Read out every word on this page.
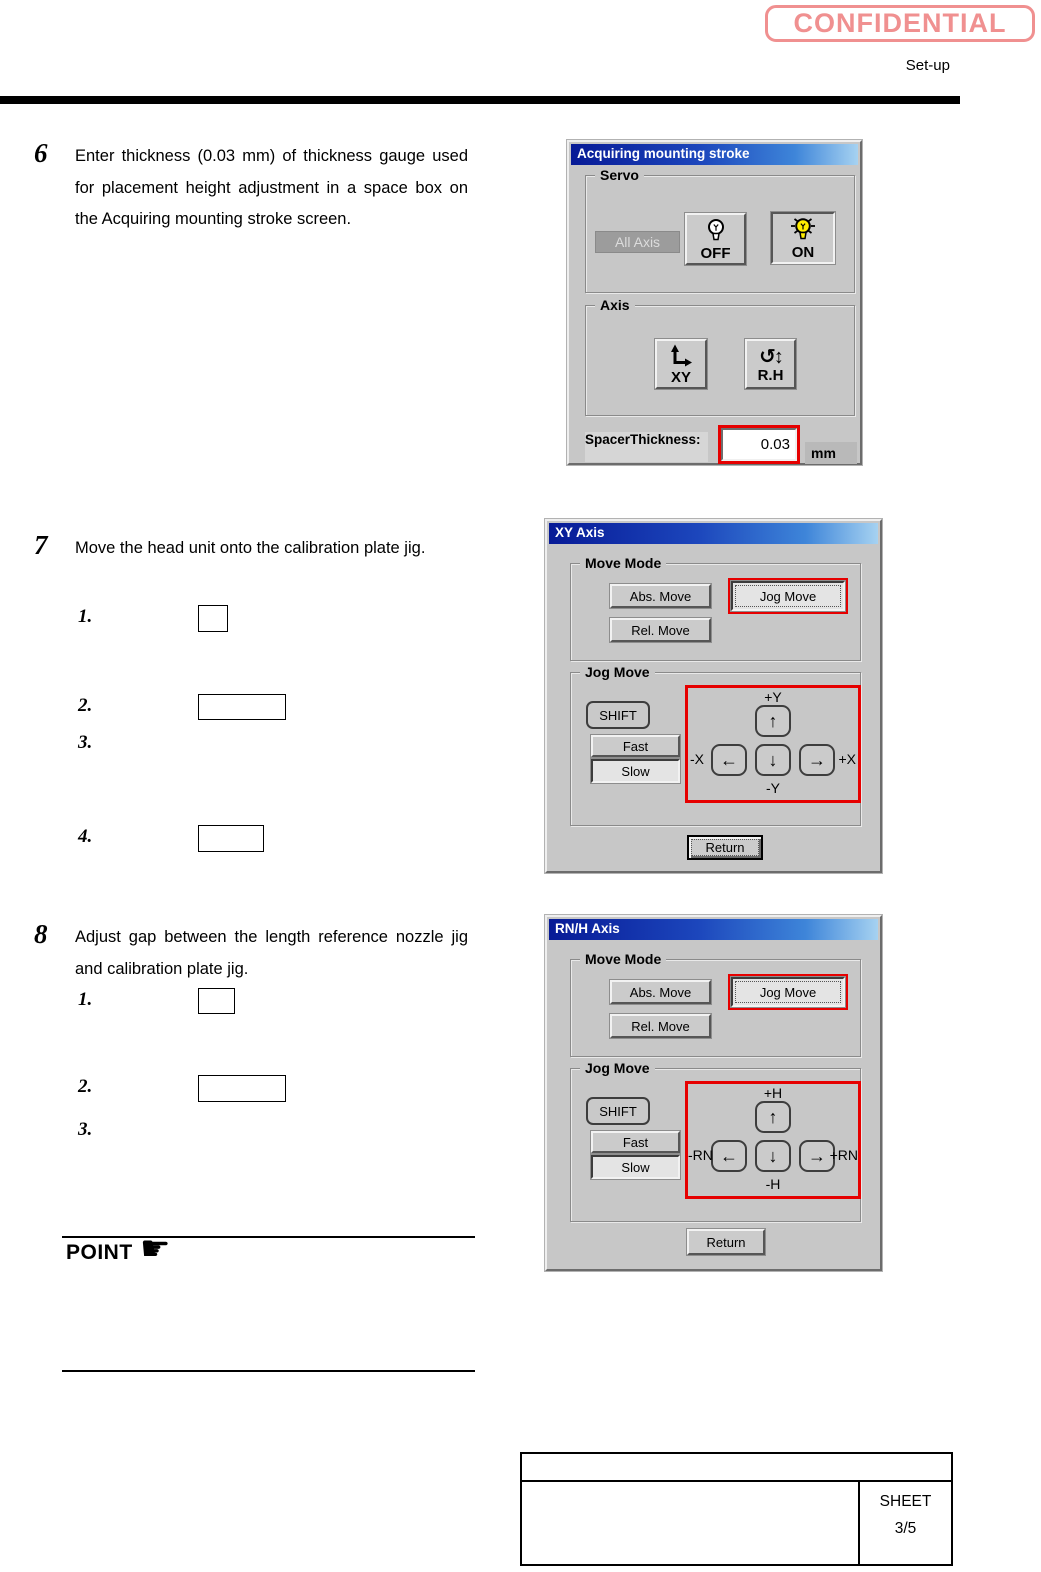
CONFIDENTIAL
Set-up
6 Enter thickness (0.03 mm) of thickness gauge used for placement height adjustment in a space box on the Acquiring mounting stroke screen.
Acquiring mounting stroke
Servo
All Axis
OFF	ON
Axis
XY
↺↕
R.H
SpacerThickness:	0.03	mm
7 Move the head unit onto the calibration plate jig.
1.
2.
3.
4.
XY Axis
Move Mode
Abs. Move	Jog Move
Rel. Move
Jog Move
SHIFT
Fast
Slow
+Y
↑
← ↓ →
-X	+X
-Y
Return
8 Adjust gap between the length reference nozzle jig and calibration plate jig.
1.
2.
3.
RN/H Axis
Move Mode
Abs. Move	Jog Move
Rel. Move
Jog Move
SHIFT
Fast
Slow
+H
↑
← ↓ →
-RN	+RN
-H
Return
POINT ☛
SHEET
3/5
